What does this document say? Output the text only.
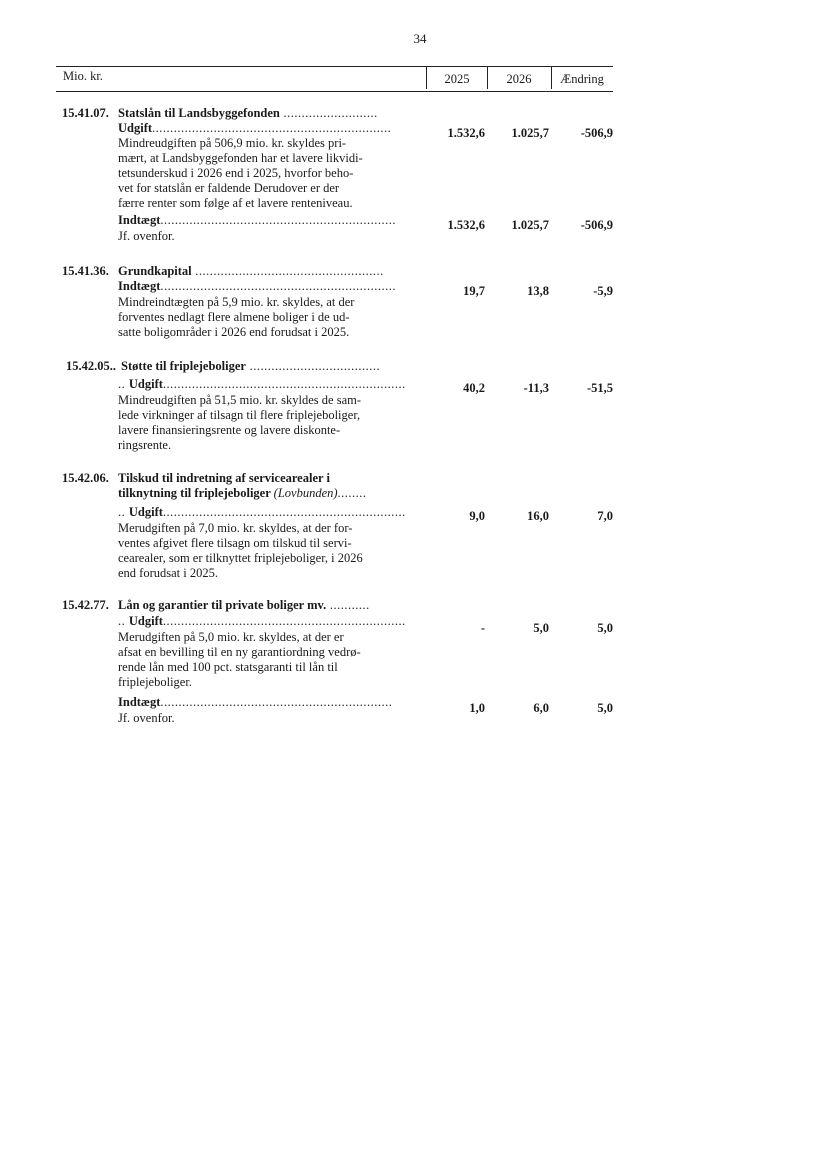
34
Mio. kr.	2025	2026	Ændring
15.41.07. Statslån til Landsbyggefonden ..........................
Udgift..................................................................	1.532,6	1.025,7	-506,9
Mindreudgiften på 506,9 mio. kr. skyldes pri-
mært, at Landsbyggefonden har et lavere likvidi-
tetsunderskud i 2026 end i 2025, hvorfor beho-
vet for statslån er faldende Derudover er der
færre renter som følge af et lavere renteniveau.
Indtægt.................................................................	1.532,6	1.025,7	-506,9
Jf. ovenfor.
15.41.36. Grundkapital ....................................................
Indtægt.................................................................	19,7	13,8	-5,9
Mindreindtægten på 5,9 mio. kr. skyldes, at der
forventes nedlagt flere almene boliger i de ud-
satte boligområder i 2026 end forudsat i 2025.
15.42.05.. Støtte til friplejeboliger ....................................
.. Udgift...................................................................	40,2	-11,3	-51,5
Mindreudgiften på 51,5 mio. kr. skyldes de sam-
lede virkninger af tilsagn til flere friplejeboliger,
lavere finansieringsrente og lavere diskonte-
ringsrente.
15.42.06. Tilskud til indretning af servicearealer i
tilknytning til friplejeboliger (Lovbunden)........
.. Udgift...................................................................	9,0	16,0	7,0
Merudgiften på 7,0 mio. kr. skyldes, at der for-
ventes afgivet flere tilsagn om tilskud til servi-
cearealer, som er tilknyttet friplejeboliger, i 2026
end forudsat i 2025.
15.42.77. Lån og garantier til private boliger mv. ...........
.. Udgift...................................................................	-	5,0	5,0
Merudgiften på 5,0 mio. kr. skyldes, at der er
afsat en bevilling til en ny garantiordning vedrø-
rende lån med 100 pct. statsgaranti til lån til
friplejeboliger.
Indtægt................................................................	1,0	6,0	5,0
Jf. ovenfor.
